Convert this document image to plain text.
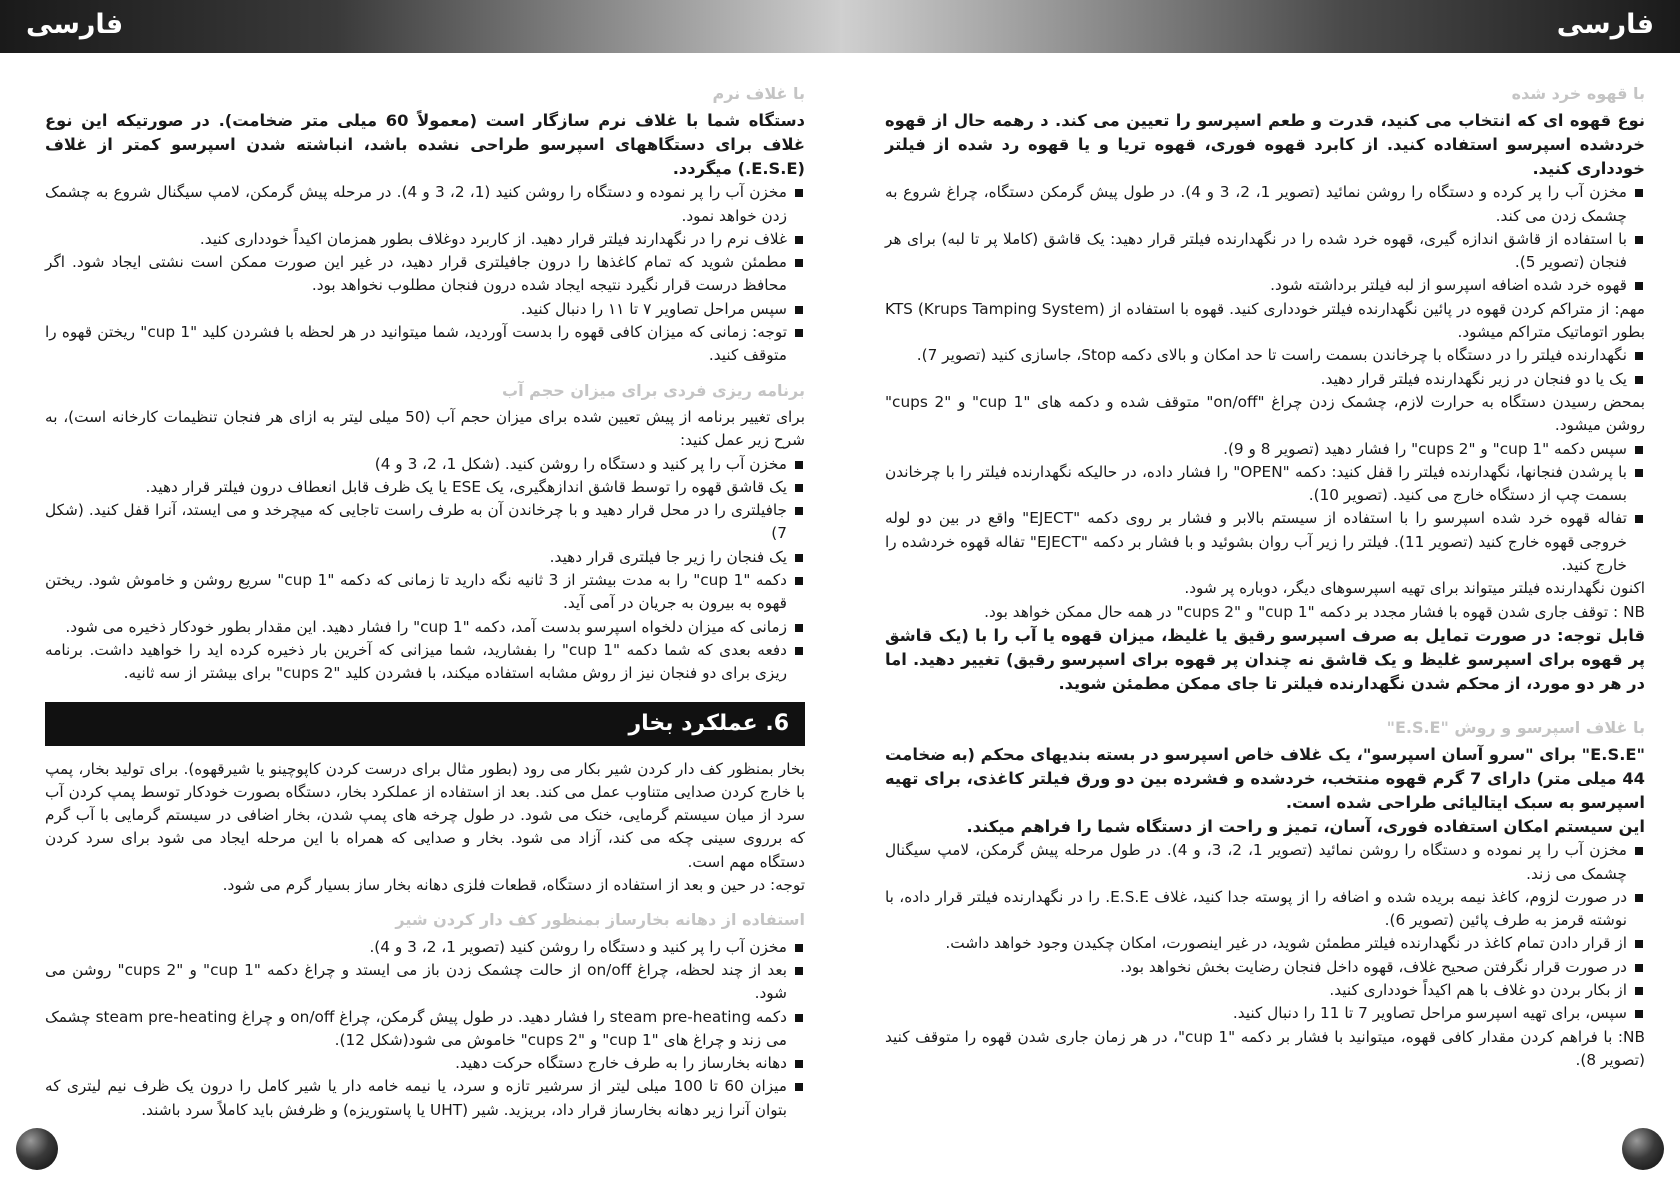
فارسی	فارسی
با قهوه خرد شده

نوع قهوه ای که انتخاب می کنید، قدرت و طعم اسپرسو را تعیین می کند. د رهمه حال از قهوه خردشده اسپرسو استفاده کنید. از کابرد قهوه فوری، قهوه تریا و یا قهوه رد شده از فیلتر خودداری کنید.

مخزن آب را پر کرده و دستگاه را روشن نمائید (تصویر 1، 2، 3 و 4). در طول پیش گرمکن دستگاه، چراغ شروع به چشمک زدن می کند.
با استفاده از قاشق اندازه گیری، قهوه خرد شده را در نگهدارنده فیلتر قرار دهید: یک قاشق (کاملا پر تا لبه) برای هر فنجان (تصویر 5).
قهوه خرد شده اضافه اسپرسو از لبه فیلتر برداشته شود.

مهم: از متراکم کردن قهوه در پائین نگهدارنده فیلتر خودداری کنید. قهوه با استفاده از (Krups Tamping System) KTS بطور اتوماتیک متراکم میشود.

نگهدارنده فیلتر را در دستگاه با چرخاندن بسمت راست تا حد امکان و بالای دکمه Stop، جاسازی کنید (تصویر 7).
یک یا دو فنجان در زیر نگهدارنده فیلتر قرار دهید.

بمحض رسیدن دستگاه به حرارت لازم، چشمک زدن چراغ "on/off" متوقف شده و دکمه های "1 cup" و "2 cups" روشن میشود.

سپس دکمه "1 cup" و "2 cups" را فشار دهید (تصویر 8 و 9).
با پرشدن فنجانها، نگهدارنده فیلتر را قفل کنید: دکمه "OPEN" را فشار داده، در حالیکه نگهدارنده فیلتر را با چرخاندن بسمت چپ از دستگاه خارج می کنید. (تصویر 10).
تفاله قهوه خرد شده اسپرسو را با استفاده از سیستم بالابر و فشار بر روی دکمه "EJECT" واقع در بین دو لوله خروجی قهوه خارج کنید (تصویر 11). فیلتر را زیر آب روان بشوئید و با فشار بر دکمه "EJECT" تفاله قهوه خردشده را خارج کنید.

اکنون نگهدارنده فیلتر میتواند برای تهیه اسپرسوهای دیگر، دوباره پر شود.

NB : توقف جاری شدن قهوه با فشار مجدد بر دکمه "1 cup" و "2 cups" در همه حال ممکن خواهد بود.

قابل توجه: در صورت تمایل به صرف اسپرسو رقیق یا غلیظ، میزان قهوه یا آب را با (یک قاشق پر قهوه برای اسپرسو غلیظ و یک قاشق نه چندان پر قهوه برای اسپرسو رقیق) تغییر دهید. اما در هر دو مورد، از محکم شدن نگهدارنده فیلتر تا جای ممکن مطمئن شوید.

با غلاف اسپرسو و روش "E.S.E"

"E.S.E" برای "سرو آسان اسپرسو"، یک غلاف خاص اسپرسو در بسته بندیهای محکم (به ضخامت 44 میلی متر) دارای 7 گرم قهوه منتخب، خردشده و فشرده بین دو ورق فیلتر کاغذی، برای تهیه اسپرسو به سبک ایتالیائی طراحی شده است.

این سیستم امکان استفاده فوری، آسان، تمیز و راحت از دستگاه شما را فراهم میکند.

مخزن آب را پر نموده و دستگاه را روشن نمائید (تصویر 1، 2، 3، و 4). در طول مرحله پیش گرمکن، لامپ سیگنال چشمک می زند.
در صورت لزوم، کاغذ نیمه بریده شده و اضافه را از پوسته جدا کنید، غلاف E.S.E. را در نگهدارنده فیلتر قرار داده، با نوشته قرمز به طرف پائین (تصویر 6).
از قرار دادن تمام کاغذ در نگهدارنده فیلتر مطمئن شوید، در غیر اینصورت، امکان چکیدن وجود خواهد داشت.
در صورت قرار نگرفتن صحیح غلاف، قهوه داخل فنجان رضایت بخش نخواهد بود.
از بکار بردن دو غلاف با هم اکیداً خودداری کنید.
سپس، برای تهیه اسپرسو مراحل تصاویر 7 تا 11 را دنبال کنید.

NB: با فراهم کردن مقدار کافی قهوه، میتوانید با فشار بر دکمه "1 cup"، در هر زمان جاری شدن قهوه را متوقف کنید (تصویر 8).

با غلاف نرم

دستگاه شما با غلاف نرم سازگار است (معمولاً 60 میلی متر ضخامت). در صورتیکه این نوع غلاف برای دستگاههای اسپرسو طراحی نشده باشد، انباشته شدن اسپرسو کمتر از غلاف (E.S.E.) میگردد.

مخزن آب را پر نموده و دستگاه را روشن کنید (1، 2، 3 و 4). در مرحله پیش گرمکن، لامپ سیگنال شروع به چشمک زدن خواهد نمود.
غلاف نرم را در نگهدارند فیلتر قرار دهید. از کاربرد دوغلاف بطور همزمان اکیداً خودداری کنید.
مطمئن شوید که تمام کاغذها را درون جافیلتری قرار دهید، در غیر این صورت ممکن است نشتی ایجاد شود. اگر محافظ درست قرار نگیرد نتیجه ایجاد شده درون فنجان مطلوب نخواهد بود.
سپس مراحل تصاویر ۷ تا ۱۱ را دنبال کنید.
توجه: زمانی که میزان کافی قهوه را بدست آوردید، شما میتوانید در هر لحظه با فشردن کلید "1 cup" ریختن قهوه را متوقف کنید.
برنامه ریزی فردی برای میزان حجم آب

برای تغییر برنامه از پیش تعیین شده برای میزان حجم آب (50 میلی لیتر به ازای هر فنجان تنظیمات کارخانه است)، به شرح زیر عمل کنید:

مخزن آب را پر کنید و دستگاه را روشن کنید. (شکل 1، 2، 3 و 4)
یک قاشق قهوه را توسط قاشق اندازهگیری، یک ESE یا یک ظرف قابل انعطاف درون فیلتر قرار دهید.
جافیلتری را در محل قرار دهید و با چرخاندن آن به طرف راست تاجایی که میچرخد و می ایستد، آنرا قفل کنید. (شکل 7)
یک فنجان را زیر جا فیلتری قرار دهید.
دکمه "1 cup" را به مدت بیشتر از 3 ثانیه نگه دارید تا زمانی که دکمه "1 cup" سریع روشن و خاموش شود. ریختن قهوه به بیرون به جریان در آمی آید.
زمانی که میزان دلخواه اسپرسو بدست آمد، دکمه "1 cup" را فشار دهید. این مقدار بطور خودکار ذخیره می شود.
دفعه بعدی که شما دکمه "1 cup" را بفشارید، شما میزانی که آخرین بار ذخیره کرده اید را خواهید داشت. برنامه ریزی برای دو فنجان نیز از روش مشابه استفاده میکند، با فشردن کلید "2 cups" برای بیشتر از سه ثانیه.
6. عملکرد بخار

بخار بمنظور کف دار کردن شیر بکار می رود (بطور مثال برای درست کردن کاپوچینو یا شیرقهوه). برای تولید بخار، پمپ با خارج کردن صدایی متناوب عمل می کند. بعد از استفاده از عملکرد بخار، دستگاه بصورت خودکار توسط پمپ کردن آب سرد از میان سیستم گرمایی، خنک می شود. در طول چرخه های پمپ شدن، بخار اضافی در سیستم گرمایی با آب گرم که برروی سینی چکه می کند، آزاد می شود. بخار و صدایی که همراه با این مرحله ایجاد می شود برای سرد کردن دستگاه مهم است.

توجه: در حین و بعد از استفاده از دستگاه، قطعات فلزی دهانه بخار ساز بسیار گرم می شود.

استفاده از دهانه بخارساز بمنظور کف دار کردن شیر
مخزن آب را پر کنید و دستگاه را روشن کنید (تصویر 1، 2، 3 و 4).
بعد از چند لحظه، چراغ on/off از حالت چشمک زدن باز می ایستد و چراغ دکمه "1 cup" و "2 cups" روشن می شود.
دکمه steam pre-heating را فشار دهید. در طول پیش گرمکن، چراغ on/off و چراغ steam pre-heating چشمک می زند و چراغ های "1 cup" و "2 cups" خاموش می شود(شکل 12).
دهانه بخارساز را به طرف خارج دستگاه حرکت دهید.
میزان 60 تا 100 میلی لیتر از سرشیر تازه و سرد، یا نیمه خامه دار یا شیر کامل را درون یک ظرف نیم لیتری که بتوان آنرا زیر دهانه بخارساز قرار داد، بریزید. شیر (UHT یا پاستوریزه) و ظرفش باید کاملاً سرد باشند.
